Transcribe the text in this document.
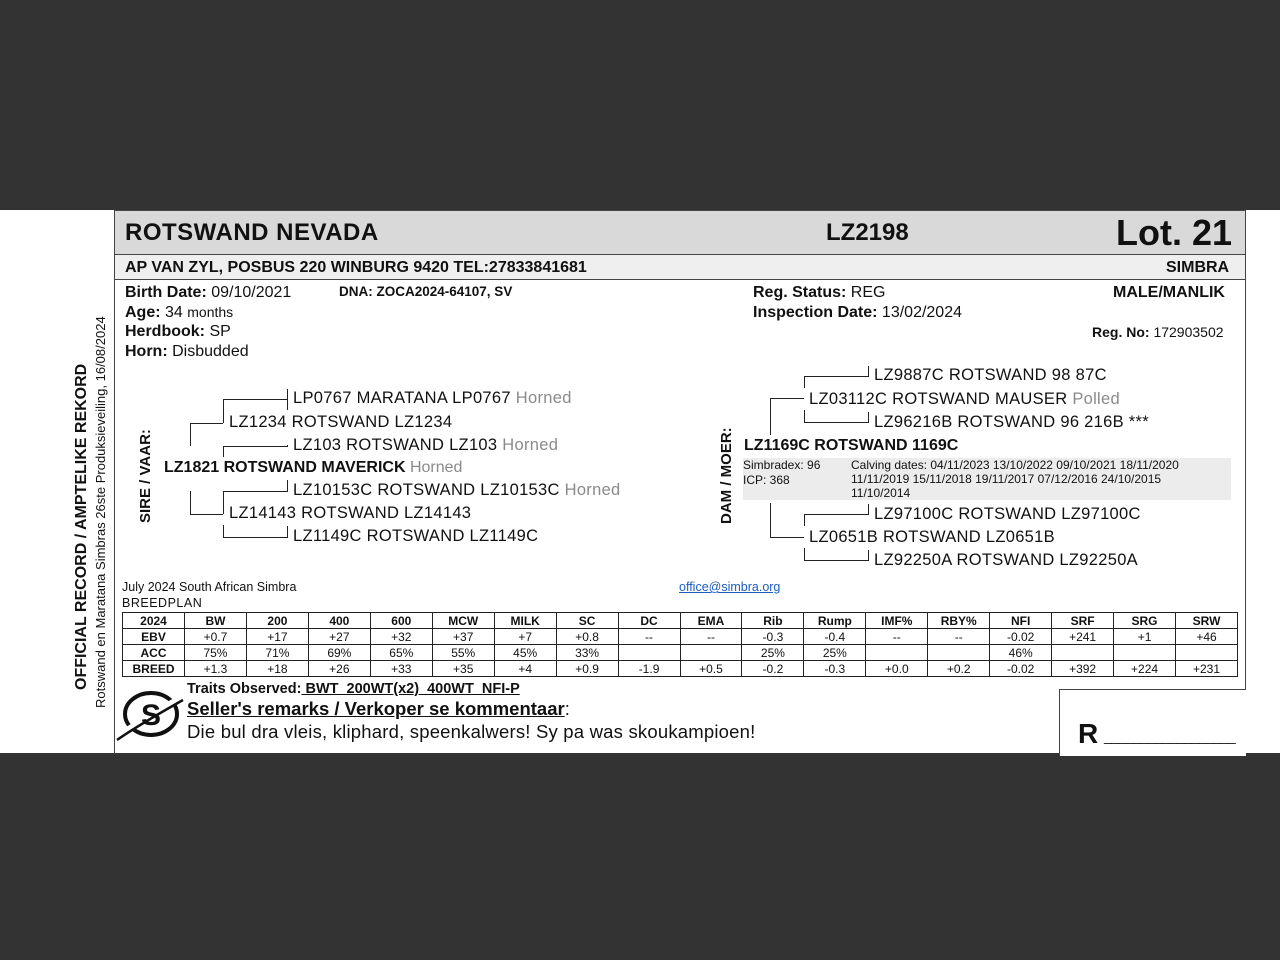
OFFICIAL RECORD / AMPTELIKE REKORD Rotswand en Maratana Simbras 26ste Produksieveiling, 16/08/2024
ROTSWAND NEVADA	LZ2198	Lot. 21
AP VAN ZYL, POSBUS 220 WINBURG 9420 TEL:27833841681	SIMBRA
Birth Date: 09/10/2021	DNA: ZOCA2024-64107, SV
Age: 34 months
Herdbook: SP
Horn: Disbudded
Reg. Status: REG
Inspection Date: 13/02/2024
MALE/MANLIK
Reg. No: 172903502
SIRE / VAAR:
LP0767 MARATANA LP0767 Horned
LZ1234 ROTSWAND LZ1234
LZ103 ROTSWAND LZ103 Horned
LZ1821 ROTSWAND MAVERICK Horned
LZ10153C ROTSWAND LZ10153C Horned
LZ14143 ROTSWAND LZ14143
LZ1149C ROTSWAND LZ1149C
DAM / MOER:
LZ9887C ROTSWAND 98 87C
LZ03112C ROTSWAND MAUSER Polled
LZ96216B ROTSWAND 96 216B ***
LZ1169C ROTSWAND 1169C
Simbradex: 96
ICP: 368
Calving dates: 04/11/2023 13/10/2022 09/10/2021 18/11/2020
11/11/2019 15/11/2018 19/11/2017 07/12/2016 24/10/2015
11/10/2014
LZ97100C ROTSWAND LZ97100C
LZ0651B ROTSWAND LZ0651B
LZ92250A ROTSWAND LZ92250A
July 2024 South African Simbra
BREEDPLAN
office@simbra.org
2024	BW	200	400	600	MCW	MILK	SC	DC	EMA	Rib	Rump	IMF%	RBY%	NFI	SRF	SRG	SRW
EBV	+0.7	+17	+27	+32	+37	+7	+0.8	--	--	-0.3	-0.4	--	--	-0.02	+241	+1	+46
ACC	75%	71%	69%	65%	55%	45%	33%			25%	25%			46%			
BREED	+1.3	+18	+26	+33	+35	+4	+0.9	-1.9	+0.5	-0.2	-0.3	+0.0	+0.2	-0.02	+392	+224	+231
S
Traits Observed: BWT  200WT(x2)  400WT  NFI-P
Seller's remarks / Verkoper se kommentaar:
Die bul dra vleis, kliphard, speenkalwers! Sy pa was skoukampioen!	R __________________
